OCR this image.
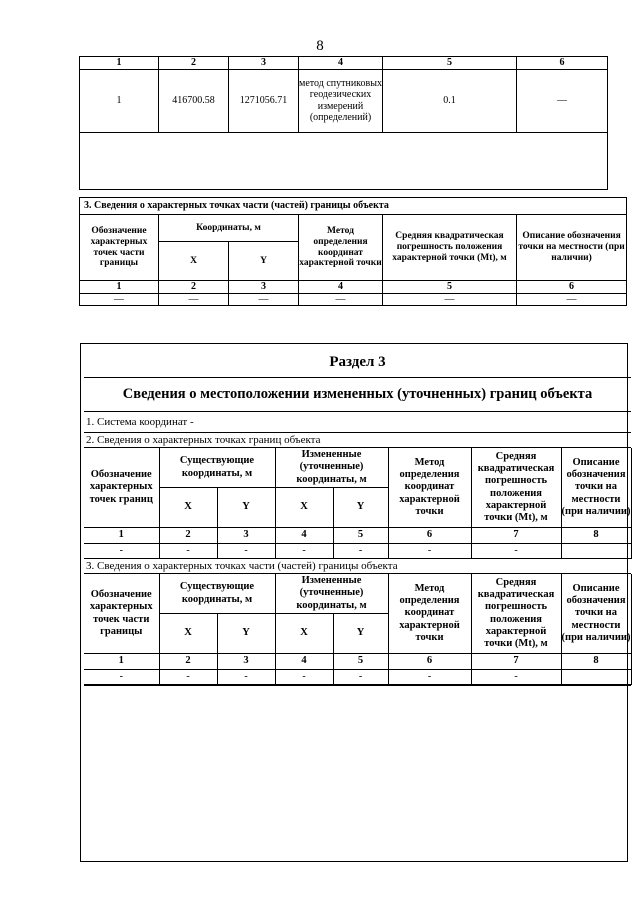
8
1	2	3	4	5	6
1	416700.58	1271056.71	метод спутниковых геодезических измерений (определений)	0.1	—

3. Сведения о характерных точках части (частей) границы объекта					
Обозначение характерных точек части границы	Координаты, м		Метод определения координат характерной точки	Средняя квадратическая погрешность положения характерной точки (Mt), м	Описание обозначения точки на местности (при наличии)
	X	Y			
1	2	3	4	5	6
—	—	—	—	—	—
Раздел 3
Сведения о местоположении измененных (уточненных) границ объекта
1. Система координат -
2. Сведения о характерных точках границ объекта
Обозначение характерных точек границ	Существующие координаты, м		Измененные (уточненные) координаты, м		Метод определения координат характерной точки	Средняя квадратическая погрешность положения характерной точки (Mt), м	Описание обозначения точки на местности (при наличии)
	X	Y	X	Y			
1	2	3	4	5	6	7	8
-	-	-	-	-	-	-	
3. Сведения о характерных точках части (частей) границы объекта
Обозначение характерных точек части границы	Существующие координаты, м		Измененные (уточненные) координаты, м		Метод определения координат характерной точки	Средняя квадратическая погрешность положения характерной точки (Mt), м	Описание обозначения точки на местности (при наличии)
	X	Y	X	Y			
1	2	3	4	5	6	7	8
-	-	-	-	-	-	-	
